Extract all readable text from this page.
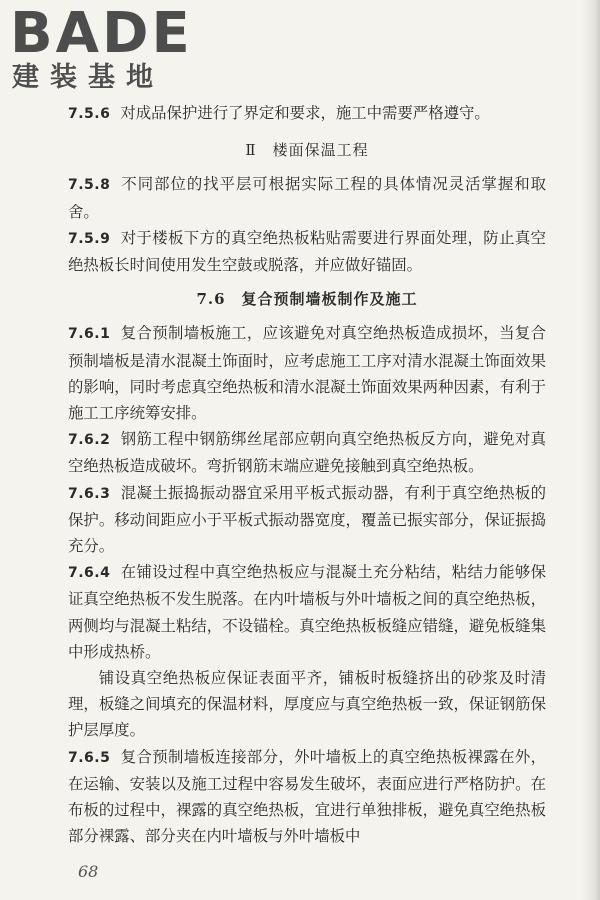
BADE
建装基地

7.5.6 对成品保护进行了界定和要求，施工中需要严格遵守。

Ⅱ　楼面保温工程

7.5.8 不同部位的找平层可根据实际工程的具体情况灵活掌握和取舍。

7.5.9 对于楼板下方的真空绝热板粘贴需要进行界面处理，防止真空绝热板长时间使用发生空鼓或脱落，并应做好锚固。

7.6　复合预制墙板制作及施工

7.6.1 复合预制墙板施工，应该避免对真空绝热板造成损坏，当复合预制墙板是清水混凝土饰面时，应考虑施工工序对清水混凝土饰面效果的影响，同时考虑真空绝热板和清水混凝土饰面效果两种因素，有利于施工工序统筹安排。

7.6.2 钢筋工程中钢筋绑丝尾部应朝向真空绝热板反方向，避免对真空绝热板造成破坏。弯折钢筋末端应避免接触到真空绝热板。

7.6.3 混凝土振捣振动器宜采用平板式振动器，有利于真空绝热板的保护。移动间距应小于平板式振动器宽度，覆盖已振实部分，保证振捣充分。

7.6.4 在铺设过程中真空绝热板应与混凝土充分粘结，粘结力能够保证真空绝热板不发生脱落。在内叶墙板与外叶墙板之间的真空绝热板，两侧均与混凝土粘结，不设锚栓。真空绝热板板缝应错缝，避免板缝集中形成热桥。

铺设真空绝热板应保证表面平齐，铺板时板缝挤出的砂浆及时清理，板缝之间填充的保温材料，厚度应与真空绝热板一致，保证钢筋保护层厚度。

7.6.5 复合预制墙板连接部分，外叶墙板上的真空绝热板裸露在外，在运输、安装以及施工过程中容易发生破坏，表面应进行严格防护。在布板的过程中，裸露的真空绝热板，宜进行单独排板，避免真空绝热板部分裸露、部分夹在内叶墙板与外叶墙板中

68
